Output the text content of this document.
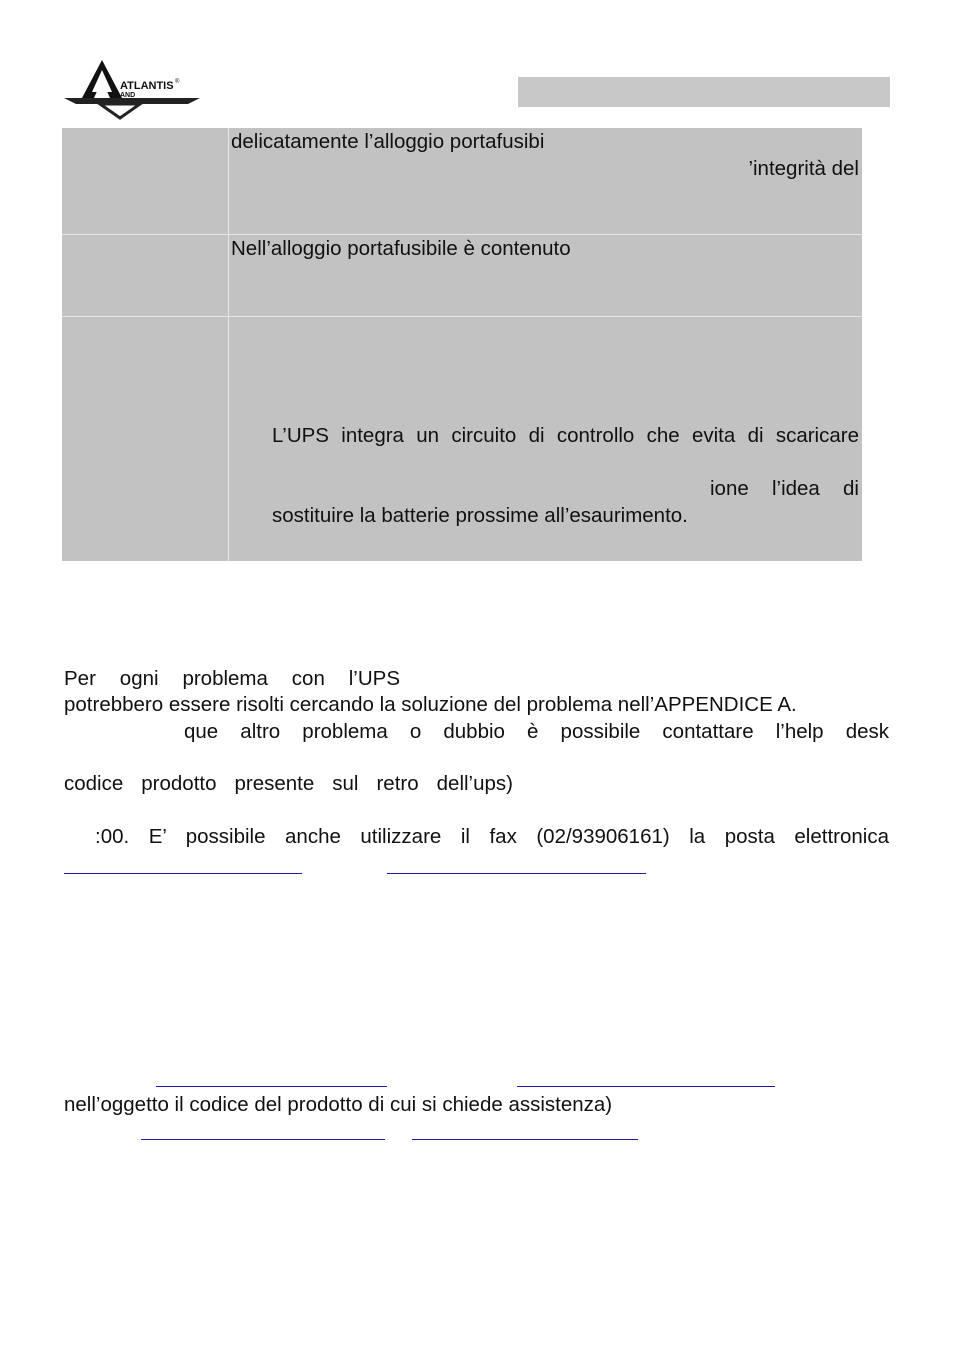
ATLANTIS ®
AND
delicatamente l’alloggio portafusibi
’integrità del
Nell’alloggio portafusibile è contenuto
L’UPS integra un circuito di controllo che evita di scaricare
ione l’idea di
sostituire la batterie prossime all’esaurimento.
Per ogni problema con l’UPS
potrebbero essere risolti cercando la soluzione del problema nell’APPENDICE A.
que altro problema o dubbio è possibile contattare l’help desk
codice prodotto presente sul retro dell’ups)
:00. E’ possibile anche utilizzare il fax (02/93906161) la posta elettronica
nell’oggetto il codice del prodotto di cui si chiede assistenza)
